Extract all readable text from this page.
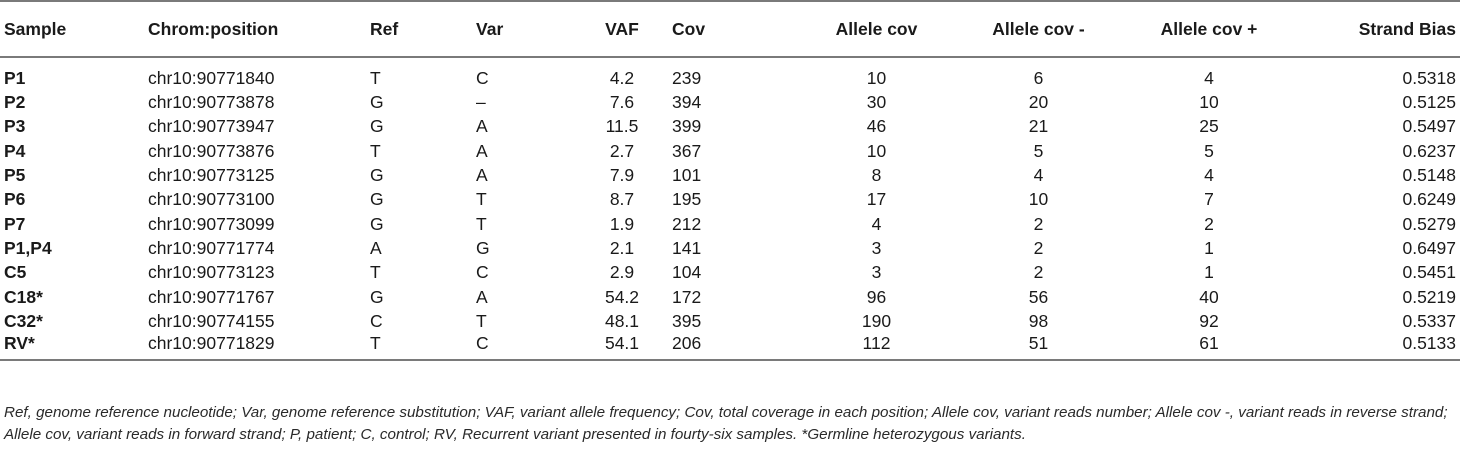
Sample	Chrom:position	Ref	Var	VAF	Cov	Allele cov	Allele cov -	Allele cov +	Strand Bias
P1	chr10:90771840	T	C	4.2	239	10	6	4	0.5318
P2	chr10:90773878	G	–	7.6	394	30	20	10	0.5125
P3	chr10:90773947	G	A	11.5	399	46	21	25	0.5497
P4	chr10:90773876	T	A	2.7	367	10	5	5	0.6237
P5	chr10:90773125	G	A	7.9	101	8	4	4	0.5148
P6	chr10:90773100	G	T	8.7	195	17	10	7	0.6249
P7	chr10:90773099	G	T	1.9	212	4	2	2	0.5279
P1,P4	chr10:90771774	A	G	2.1	141	3	2	1	0.6497
C5	chr10:90773123	T	C	2.9	104	3	2	1	0.5451
C18*	chr10:90771767	G	A	54.2	172	96	56	40	0.5219
C32*	chr10:90774155	C	T	48.1	395	190	98	92	0.5337
RV*	chr10:90771829	T	C	54.1	206	112	51	61	0.5133
Ref, genome reference nucleotide; Var, genome reference substitution; VAF, variant allele frequency; Cov, total coverage in each position; Allele cov, variant reads number; Allele cov -, variant reads in reverse strand; Allele cov, variant reads in forward strand; P, patient; C, control; RV, Recurrent variant presented in fourty-six samples. *Germline heterozygous variants.
